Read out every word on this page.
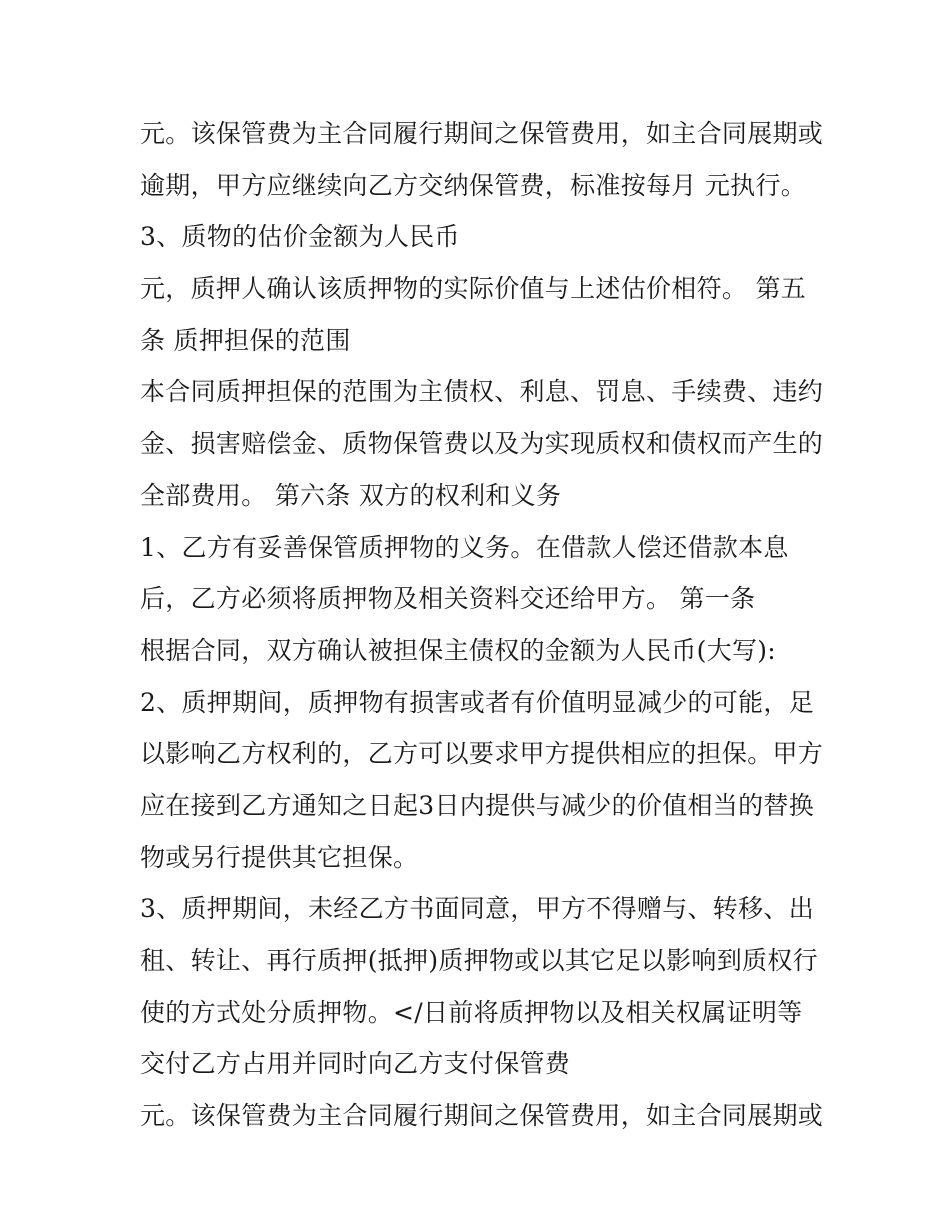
元。该保管费为主合同履行期间之保管费用，如主合同展期或
逾期，甲方应继续向乙方交纳保管费，标准按每月 元执行。
3、质物的估价金额为人民币
元，质押人确认该质押物的实际价值与上述估价相符。 第五
条 质押担保的范围
本合同质押担保的范围为主债权、利息、罚息、手续费、违约
金、损害赔偿金、质物保管费以及为实现质权和债权而产生的
全部费用。 第六条 双方的权利和义务
1、乙方有妥善保管质押物的义务。在借款人偿还借款本息
后，乙方必须将质押物及相关资料交还给甲方。 第一条
根据合同，双方确认被担保主债权的金额为人民币(大写):
2、质押期间，质押物有损害或者有价值明显减少的可能，足
以影响乙方权利的，乙方可以要求甲方提供相应的担保。甲方
应在接到乙方通知之日起3日内提供与减少的价值相当的替换
物或另行提供其它担保。
3、质押期间，未经乙方书面同意，甲方不得赠与、转移、出
租、转让、再行质押(抵押)质押物或以其它足以影响到质权行
使的方式处分质押物。</日前将质押物以及相关权属证明等
交付乙方占用并同时向乙方支付保管费
元。该保管费为主合同履行期间之保管费用，如主合同展期或
